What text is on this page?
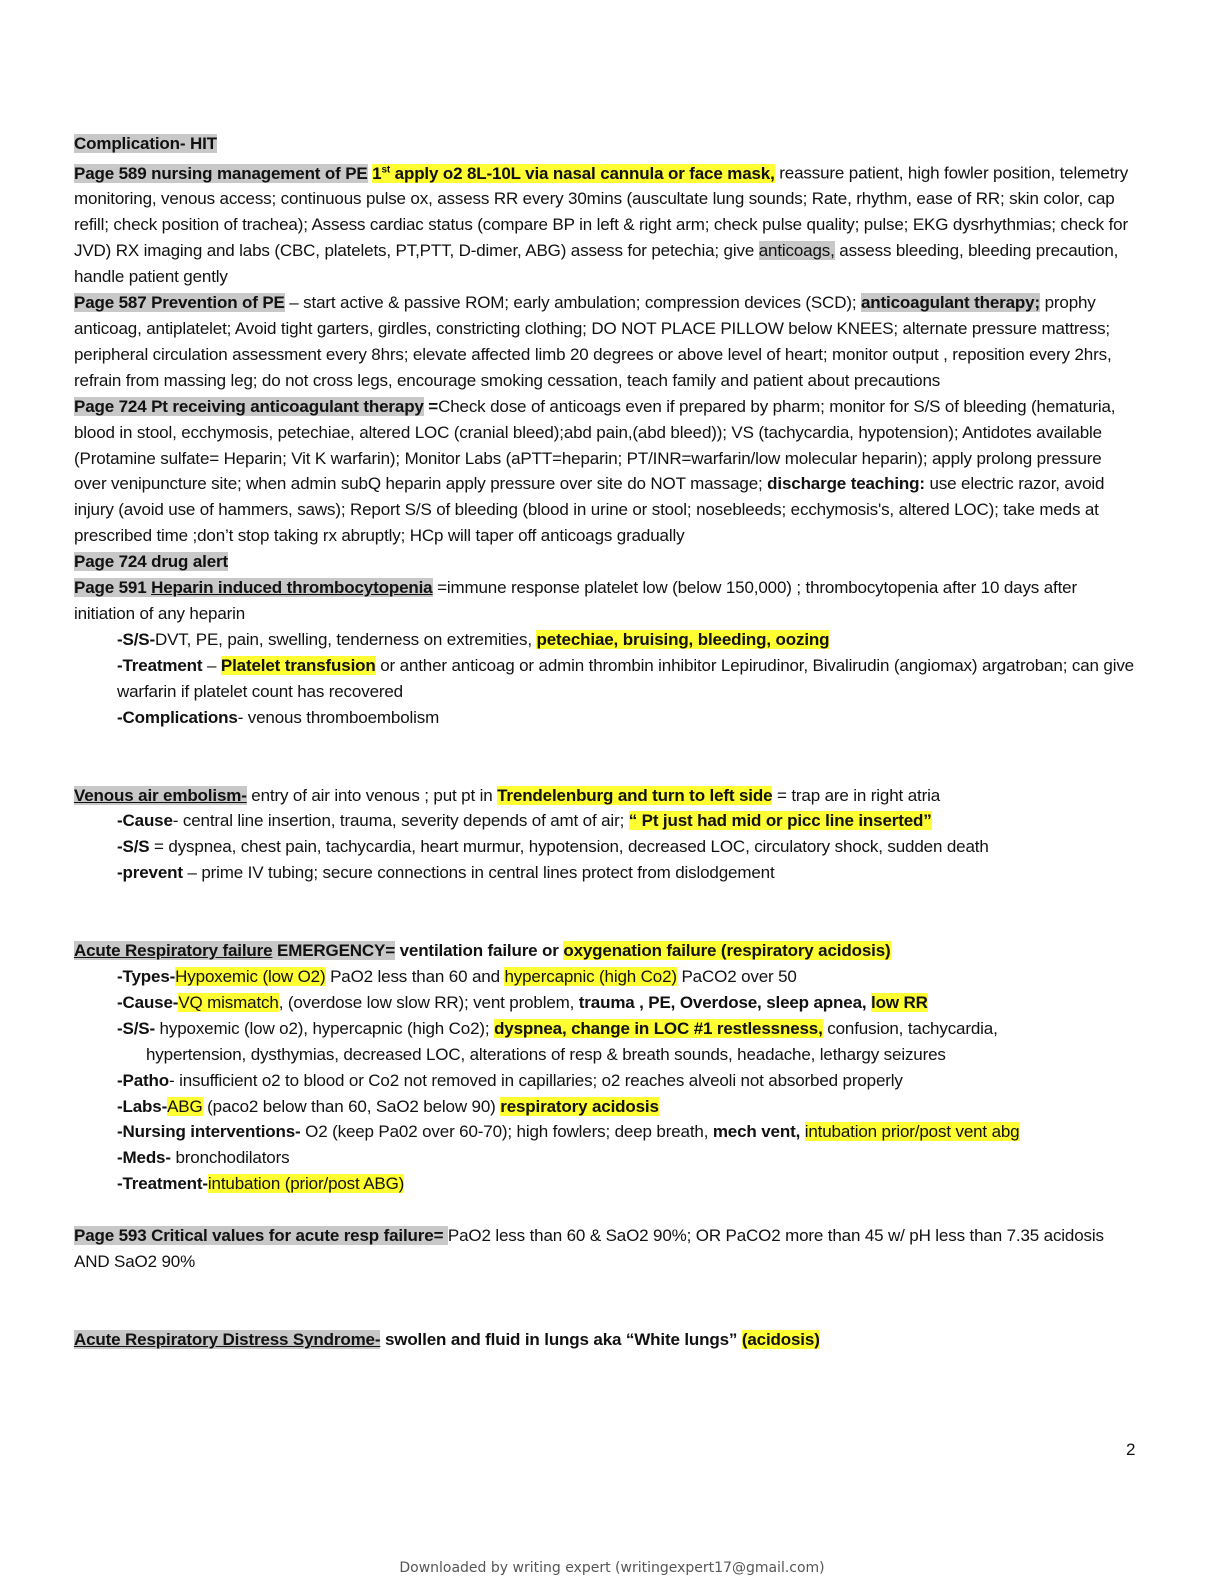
Complication- HIT

Page 589 nursing management of PE 1st apply o2 8L-10L via nasal cannula or face mask, reassure patient, high fowler position, telemetry monitoring, venous access; continuous pulse ox, assess RR every 30mins (auscultate lung sounds; Rate, rhythm, ease of RR; skin color, cap refill; check position of trachea); Assess cardiac status (compare BP in left & right arm; check pulse quality; pulse; EKG dysrhythmias; check for JVD) RX imaging and labs (CBC, platelets, PT,PTT, D-dimer, ABG) assess for petechia; give anticoags, assess bleeding, bleeding precaution, handle patient gently

Page 587 Prevention of PE – start active & passive ROM; early ambulation; compression devices (SCD); anticoagulant therapy; prophy anticoag, antiplatelet; Avoid tight garters, girdles, constricting clothing; DO NOT PLACE PILLOW below KNEES; alternate pressure mattress; peripheral circulation assessment every 8hrs; elevate affected limb 20 degrees or above level of heart; monitor output , reposition every 2hrs, refrain from massing leg; do not cross legs, encourage smoking cessation, teach family and patient about precautions

Page 724 Pt receiving anticoagulant therapy =Check dose of anticoags even if prepared by pharm; monitor for S/S of bleeding (hematuria, blood in stool, ecchymosis, petechiae, altered LOC (cranial bleed);abd pain,(abd bleed)); VS (tachycardia, hypotension); Antidotes available (Protamine sulfate= Heparin; Vit K warfarin); Monitor Labs (aPTT=heparin; PT/INR=warfarin/low molecular heparin); apply prolong pressure over venipuncture site; when admin subQ heparin apply pressure over site do NOT massage; discharge teaching: use electric razor, avoid injury (avoid use of hammers, saws); Report S/S of bleeding (blood in urine or stool; nosebleeds; ecchymosis's, altered LOC); take meds at prescribed time ;don’t stop taking rx abruptly; HCp will taper off anticoags gradually

Page 724 drug alert

Page 591 Heparin induced thrombocytopenia =immune response platelet low (below 150,000) ; thrombocytopenia after 10 days after initiation of any heparin

-S/S-DVT, PE, pain, swelling, tenderness on extremities, petechiae, bruising, bleeding, oozing

-Treatment – Platelet transfusion or anther anticoag or admin thrombin inhibitor Lepirudinor, Bivalirudin (angiomax) argatroban; can give warfarin if platelet count has recovered

-Complications- venous thromboembolism

Venous air embolism- entry of air into venous ; put pt in Trendelenburg and turn to left side = trap are in right atria

-Cause- central line insertion, trauma, severity depends of amt of air; “ Pt just had mid or picc line inserted”

-S/S = dyspnea, chest pain, tachycardia, heart murmur, hypotension, decreased LOC, circulatory shock, sudden death

-prevent – prime IV tubing; secure connections in central lines protect from dislodgement

Acute Respiratory failure EMERGENCY= ventilation failure or oxygenation failure (respiratory acidosis)

-Types-Hypoxemic (low O2) PaO2 less than 60 and hypercapnic (high Co2) PaCO2 over 50

-Cause-VQ mismatch, (overdose low slow RR); vent problem, trauma , PE, Overdose, sleep apnea, low RR

-S/S- hypoxemic (low o2), hypercapnic (high Co2); dyspnea, change in LOC #1 restlessness, confusion, tachycardia,

hypertension, dysthymias, decreased LOC, alterations of resp & breath sounds, headache, lethargy seizures

-Patho- insufficient o2 to blood or Co2 not removed in capillaries; o2 reaches alveoli not absorbed properly

-Labs-ABG (paco2 below than 60, SaO2 below 90) respiratory acidosis

-Nursing interventions- O2 (keep Pa02 over 60-70); high fowlers; deep breath, mech vent, intubation prior/post vent abg

-Meds- bronchodilators

-Treatment-intubation (prior/post ABG)

Page 593 Critical values for acute resp failure= PaO2 less than 60 & SaO2 90%; OR PaCO2 more than 45 w/ pH less than 7.35 acidosis AND SaO2 90%

Acute Respiratory Distress Syndrome- swollen and fluid in lungs aka “White lungs” (acidosis)

2
Downloaded by writing expert (writingexpert17@gmail.com)
